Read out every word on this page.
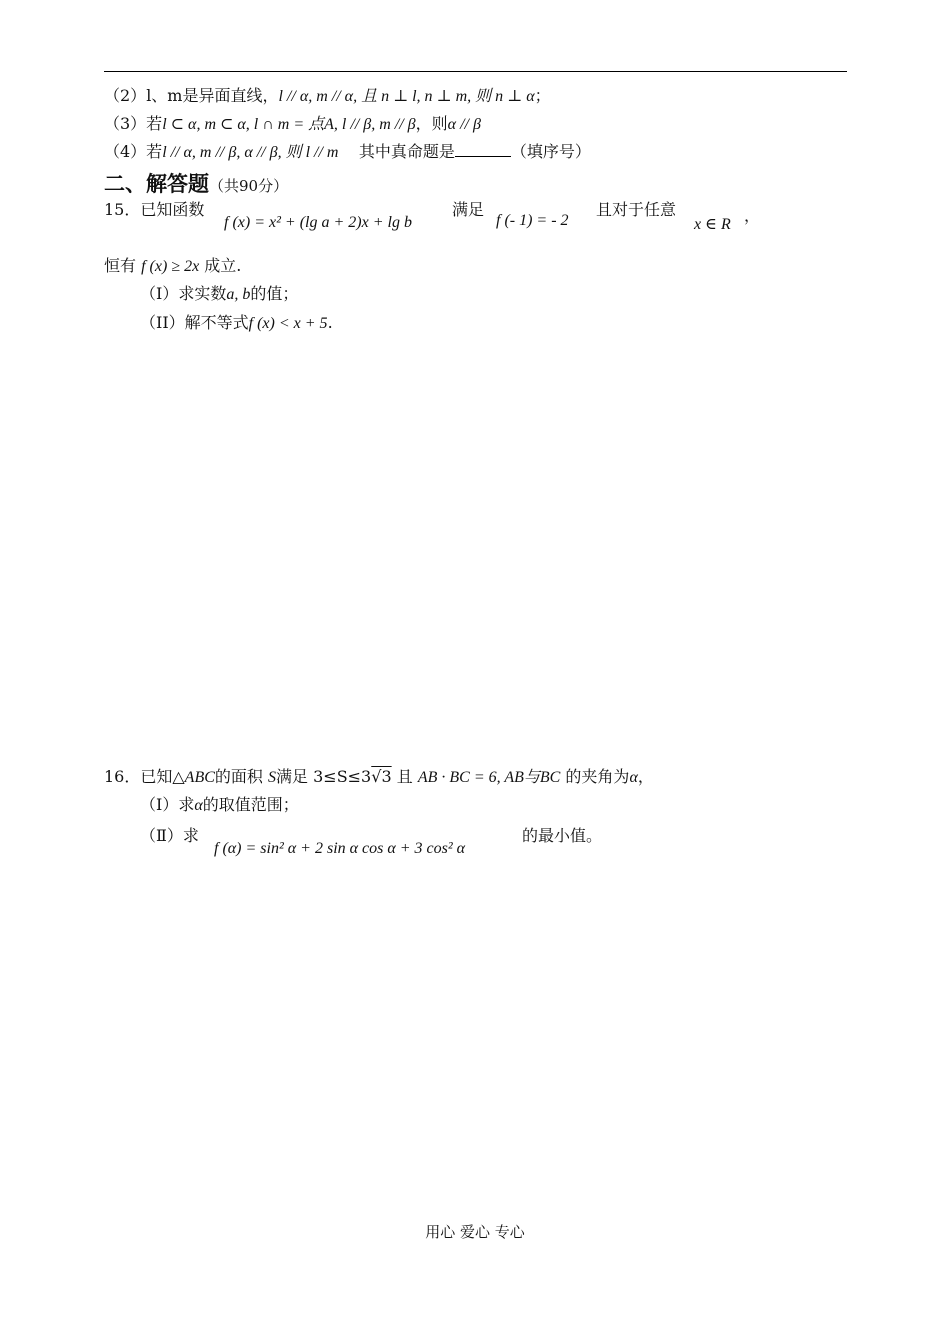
（2）l、m是异面直线，l // α, m // α, 且 n ⊥ l, n ⊥ m, 则 n ⊥ α；
（3）若l ⊂ α, m ⊂ α, l ∩ m = 点A, l // β, m // β，则α // β
（4）若l // α, m // β, α // β, 则 l // m 其中真命题是	（填序号）
二、解答题（共90分）
15．已知函数
f (x) = x² + (lg a + 2)x + lg b
满足
f (- 1) = - 2
且对于任意
x ∈ R ，
恒有 f (x) ≥ 2x 成立.
（I）求实数a, b的值；
（II）解不等式f (x) < x + 5.
16．已知△ABC的面积 S满足 3≤S≤3√3 且 AB · BC = 6, AB与BC 的夹角为α，
（Ⅰ）求α的取值范围；
（Ⅱ）求
f (α) = sin² α + 2 sin α cos α + 3 cos² α
的最小值。
用心 爱心 专心
